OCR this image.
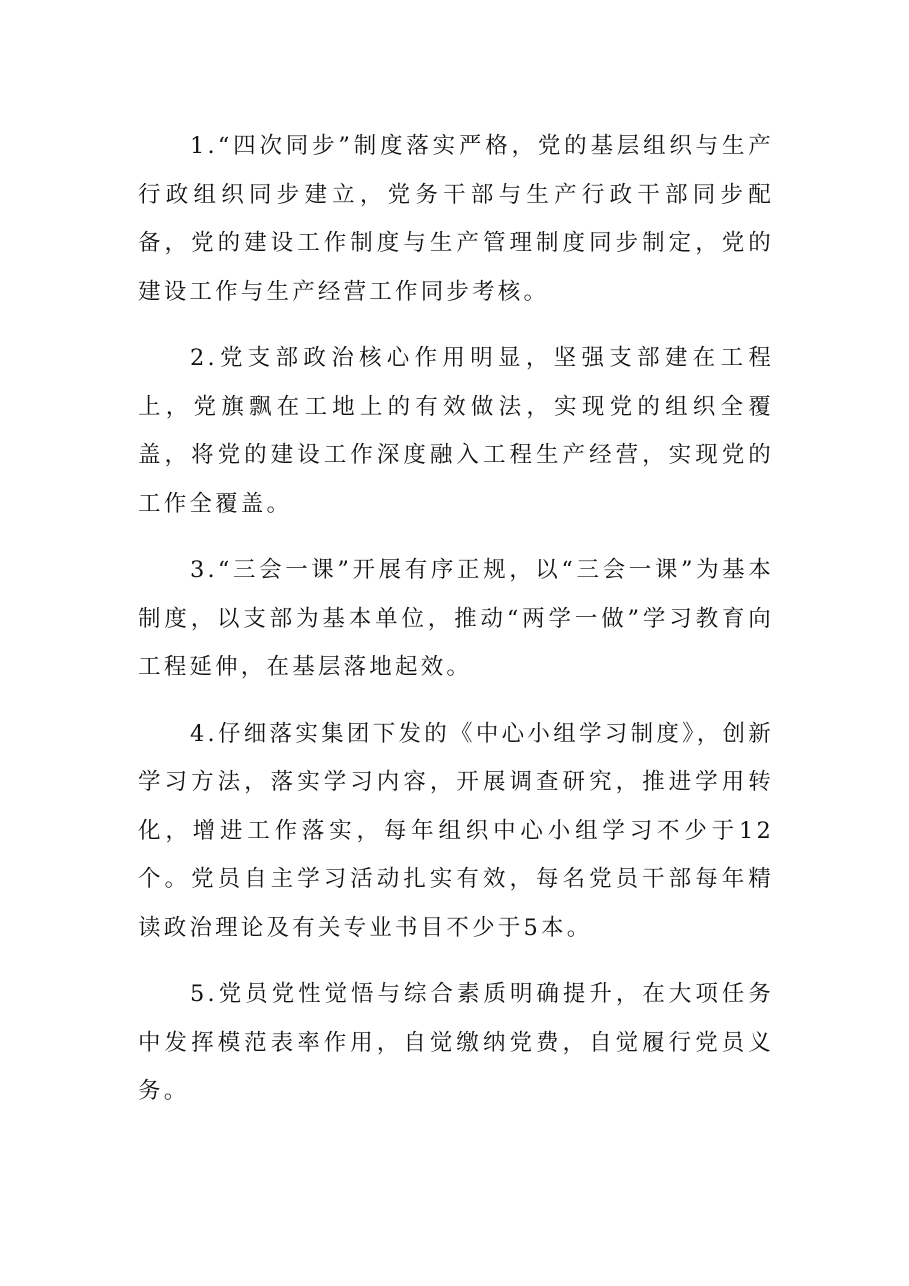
1.“四次同步”制度落实严格，党的基层组织与生产行政组织同步建立，党务干部与生产行政干部同步配备，党的建设工作制度与生产管理制度同步制定，党的建设工作与生产经营工作同步考核。

2.党支部政治核心作用明显，坚强支部建在工程上，党旗飘在工地上的有效做法，实现党的组织全覆盖，将党的建设工作深度融入工程生产经营，实现党的工作全覆盖。

3.“三会一课”开展有序正规，以“三会一课”为基本制度，以支部为基本单位，推动“两学一做”学习教育向工程延伸，在基层落地起效。

4.仔细落实集团下发的《中心小组学习制度》，创新学习方法，落实学习内容，开展调查研究，推进学用转化，增进工作落实，每年组织中心小组学习不少于12个。党员自主学习活动扎实有效，每名党员干部每年精读政治理论及有关专业书目不少于5本。

5.党员党性觉悟与综合素质明确提升，在大项任务中发挥模范表率作用，自觉缴纳党费，自觉履行党员义务。
